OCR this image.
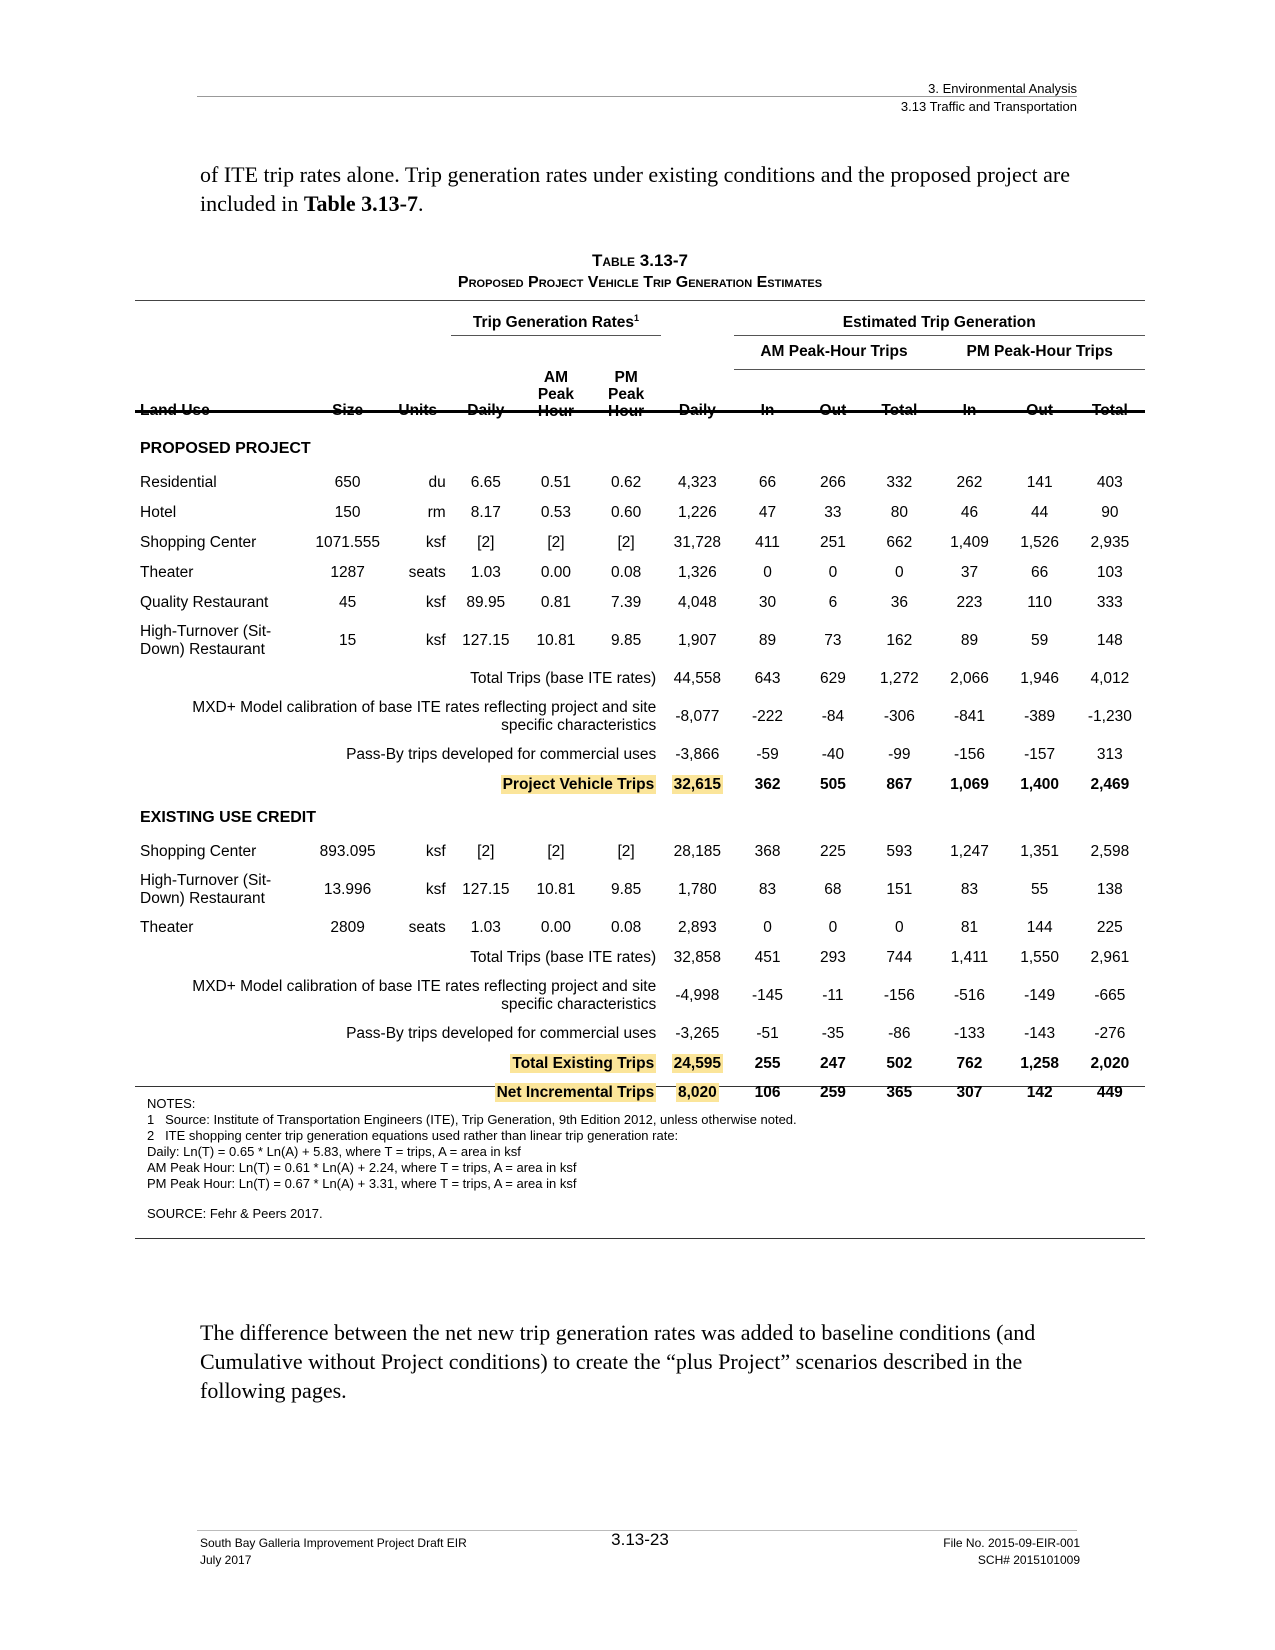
3. Environmental Analysis
3.13 Traffic and Transportation
of ITE trip rates alone. Trip generation rates under existing conditions and the proposed project are included in Table 3.13-7.
Table 3.13-7
Proposed Project Vehicle Trip Generation Estimates
			Trip Generation Rates$^1$				Estimated Trip Generation					
							AM Peak-Hour Trips			PM Peak-Hour Trips		
Land Use	Size	Units	Daily	AM
Peak
Hour	PM
Peak
Hour	Daily	In	Out	Total	In	Out	Total
PROPOSED PROJECT												
Residential	650	du	6.65	0.51	0.62	4,323	66	266	332	262	141	403
Hotel	150	rm	8.17	0.53	0.60	1,226	47	33	80	46	44	90
Shopping Center	1071.555	ksf	[2]	[2]	[2]	31,728	411	251	662	1,409	1,526	2,935
Theater	1287	seats	1.03	0.00	0.08	1,326	0	0	0	37	66	103
Quality Restaurant	45	ksf	89.95	0.81	7.39	4,048	30	6	36	223	110	333
High-Turnover (Sit-Down) Restaurant	15	ksf	127.15	10.81	9.85	1,907	89	73	162	89	59	148
Total Trips (base ITE rates)						44,558	643	629	1,272	2,066	1,946	4,012
MXD+ Model calibration of base ITE rates reflecting project and site specific characteristics						-8,077	-222	-84	-306	-841	-389	-1,230
Pass-By trips developed for commercial uses						-3,866	-59	-40	-99	-156	-157	313
Project Vehicle Trips						32,615	362	505	867	1,069	1,400	2,469
EXISTING USE CREDIT												
Shopping Center	893.095	ksf	[2]	[2]	[2]	28,185	368	225	593	1,247	1,351	2,598
High-Turnover (Sit-Down) Restaurant	13.996	ksf	127.15	10.81	9.85	1,780	83	68	151	83	55	138
Theater	2809	seats	1.03	0.00	0.08	2,893	0	0	0	81	144	225
Total Trips (base ITE rates)						32,858	451	293	744	1,411	1,550	2,961
MXD+ Model calibration of base ITE rates reflecting project and site specific characteristics						-4,998	-145	-11	-156	-516	-149	-665
Pass-By trips developed for commercial uses						-3,265	-51	-35	-86	-133	-143	-276
Total Existing Trips						24,595	255	247	502	762	1,258	2,020
Net Incremental Trips						8,020	106	259	365	307	142	449
NOTES:
1   Source: Institute of Transportation Engineers (ITE), Trip Generation, 9th Edition 2012, unless otherwise noted.
2   ITE shopping center trip generation equations used rather than linear trip generation rate:
Daily: Ln(T) = 0.65 * Ln(A) + 5.83, where T = trips, A = area in ksf
AM Peak Hour: Ln(T) = 0.61 * Ln(A) + 2.24, where T = trips, A = area in ksf
PM Peak Hour: Ln(T) = 0.67 * Ln(A) + 3.31, where T = trips, A = area in ksf
SOURCE: Fehr & Peers 2017.
The difference between the net new trip generation rates was added to baseline conditions (and Cumulative without Project conditions) to create the “plus Project” scenarios described in the following pages.
South Bay Galleria Improvement Project Draft EIR
July 2017
3.13-23	File No. 2015-09-EIR-001
SCH# 2015101009
